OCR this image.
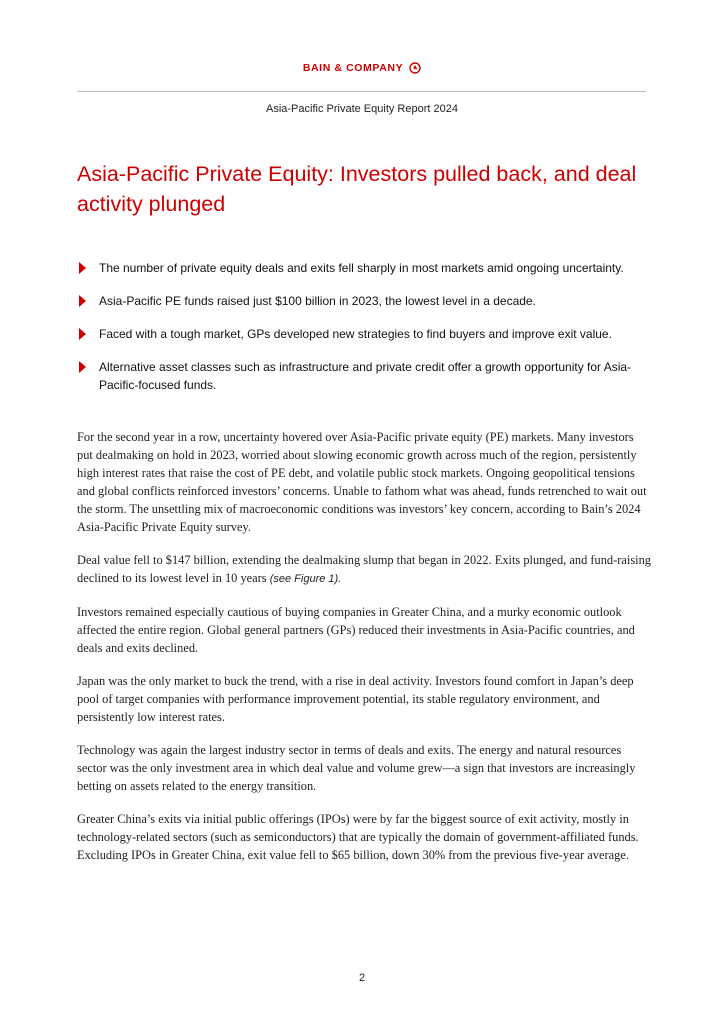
BAIN & COMPANY
Asia-Pacific Private Equity Report 2024
Asia-Pacific Private Equity: Investors pulled back, and deal activity plunged
The number of private equity deals and exits fell sharply in most markets amid ongoing uncertainty.
Asia-Pacific PE funds raised just $100 billion in 2023, the lowest level in a decade.
Faced with a tough market, GPs developed new strategies to find buyers and improve exit value.
Alternative asset classes such as infrastructure and private credit offer a growth opportunity for Asia-Pacific-focused funds.

For the second year in a row, uncertainty hovered over Asia-Pacific private equity (PE) markets. Many investors put dealmaking on hold in 2023, worried about slowing economic growth across much of the region, persistently high interest rates that raise the cost of PE debt, and volatile public stock markets. Ongoing geopolitical tensions and global conflicts reinforced investors’ concerns. Unable to fathom what was ahead, funds retrenched to wait out the storm. The unsettling mix of macroeconomic conditions was investors’ key concern, according to Bain’s 2024 Asia-Pacific Private Equity survey.

Deal value fell to $147 billion, extending the dealmaking slump that began in 2022. Exits plunged, and fund-raising declined to its lowest level in 10 years (see Figure 1).

Investors remained especially cautious of buying companies in Greater China, and a murky economic outlook affected the entire region. Global general partners (GPs) reduced their investments in Asia-Pacific countries, and deals and exits declined.

Japan was the only market to buck the trend, with a rise in deal activity. Investors found comfort in Japan’s deep pool of target companies with performance improvement potential, its stable regulatory environment, and persistently low interest rates.

Technology was again the largest industry sector in terms of deals and exits. The energy and natural resources sector was the only investment area in which deal value and volume grew—a sign that investors are increasingly betting on assets related to the energy transition.

Greater China’s exits via initial public offerings (IPOs) were by far the biggest source of exit activity, mostly in technology-related sectors (such as semiconductors) that are typically the domain of government-affiliated funds. Excluding IPOs in Greater China, exit value fell to $65 billion, down 30% from the previous five-year average.

2
